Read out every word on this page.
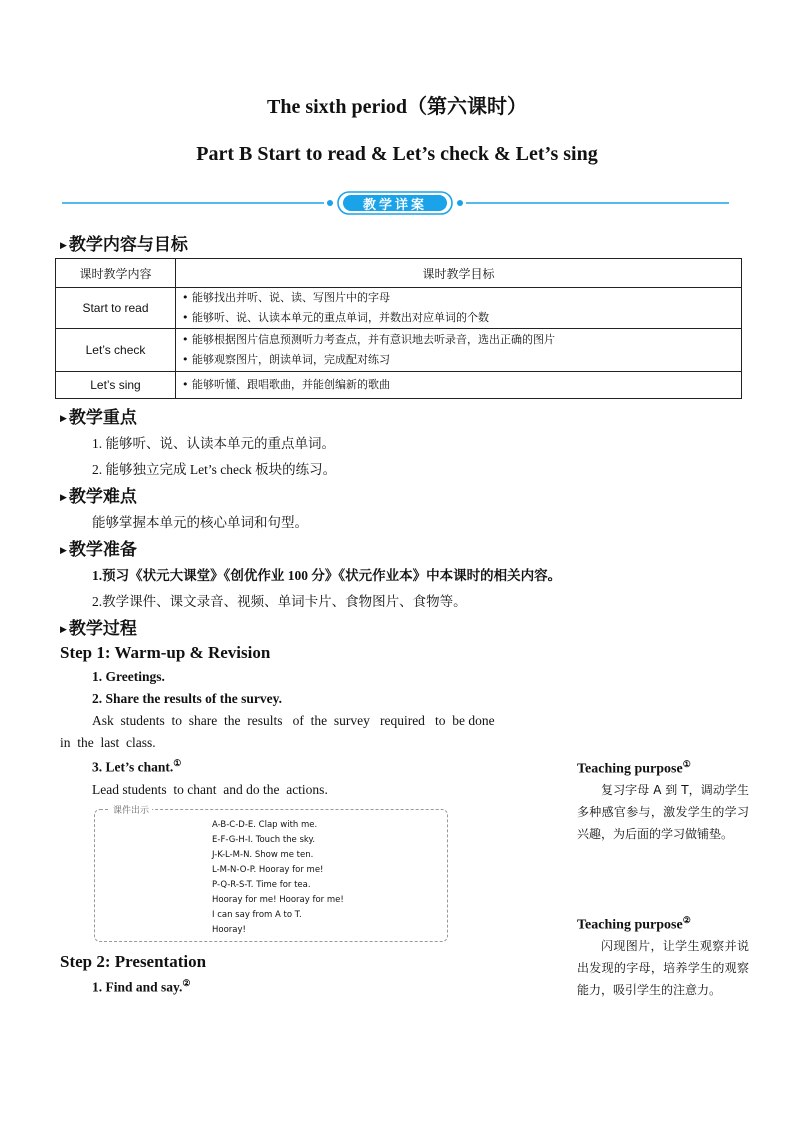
The sixth period（第六课时）
Part B Start to read & Let’s check & Let’s sing
教学详案
▶ 教学内容与目标
课时教学内容	课时教学目标
Start to read	• 能够找出并听、说、读、写图片中的字母
• 能够听、说、认读本单元的重点单词，并数出对应单词的个数

Let’s check	• 能够根据图片信息预测听力考查点，并有意识地去听录音，选出正确的图片
• 能够观察图片，朗读单词，完成配对练习

Let’s sing	• 能够听懂、跟唱歌曲，并能创编新的歌曲
▶ 教学重点
1. 能够听、说、认读本单元的重点单词。
2. 能够独立完成 Let’s check 板块的练习。
▶ 教学难点
能够掌握本单元的核心单词和句型。
▶ 教学准备
1.预习《状元大课堂》《创优作业 100 分》《状元作业本》中本课时的相关内容。
2.教学课件、课文录音、视频、单词卡片、食物图片、食物等。
▶ 教学过程
Step 1: Warm-up & Revision
1. Greetings.
2. Share the results of the survey.
Ask  students  to  share  the  results   of  the  survey   required   to  be done
in  the  last  class.
3. Let’s chant.①
Lead students  to chant  and do the  actions.
课件出示
A-B-C-D-E. Clap with me.
E-F-G-H-I. Touch the sky.
J-K-L-M-N. Show me ten.
L-M-N-O-P. Hooray for me!
P-Q-R-S-T. Time for tea.
Hooray for me! Hooray for me!
I can say from A to T.
Hooray!
Step 2: Presentation
1. Find and say.②
Teaching purpose①
复习字母 A 到 T，调动学生多种感官参与，激发学生的学习兴趣，为后面的学习做铺垫。
Teaching purpose②
闪现图片，让学生观察并说出发现的字母，培养学生的观察能力，吸引学生的注意力。
